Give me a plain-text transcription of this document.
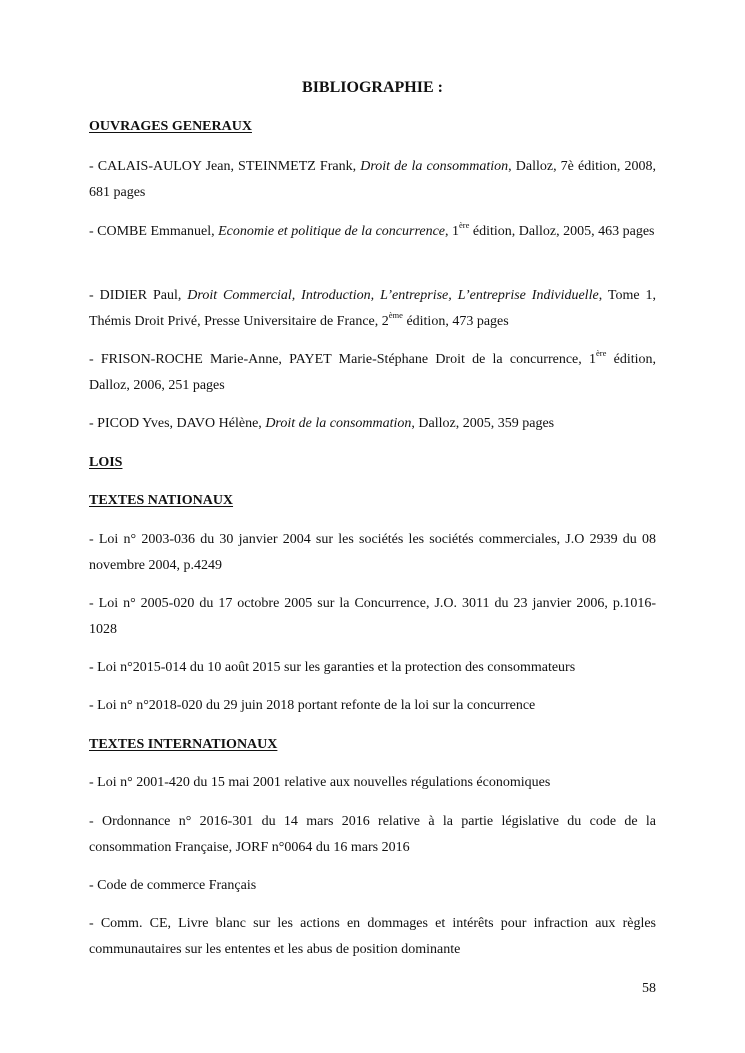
BIBLIOGRAPHIE :
OUVRAGES GENERAUX
- CALAIS-AULOY Jean, STEINMETZ Frank, Droit de la consommation, Dalloz, 7è édition, 2008, 681 pages
- COMBE Emmanuel, Economie et politique de la concurrence, 1ère édition, Dalloz, 2005, 463 pages
- DIDIER Paul, Droit Commercial, Introduction, L’entreprise, L’entreprise Individuelle, Tome 1, Thémis Droit Privé, Presse Universitaire de France, 2ème édition, 473 pages
- FRISON-ROCHE Marie-Anne, PAYET Marie-Stéphane Droit de la concurrence, 1ère édition, Dalloz, 2006, 251 pages
- PICOD Yves, DAVO Hélène, Droit de la consommation, Dalloz, 2005, 359 pages
LOIS
TEXTES NATIONAUX
- Loi n° 2003-036 du 30 janvier 2004 sur les sociétés les sociétés commerciales, J.O 2939 du 08 novembre 2004, p.4249
- Loi n° 2005-020 du 17 octobre 2005 sur la Concurrence, J.O. 3011 du 23 janvier 2006, p.1016-1028
- Loi n°2015-014 du 10 août 2015 sur les garanties et la protection des consommateurs
- Loi n° n°2018-020 du 29 juin 2018 portant refonte de la loi sur la concurrence
TEXTES INTERNATIONAUX
- Loi n° 2001-420 du 15 mai 2001 relative aux nouvelles régulations économiques
- Ordonnance n° 2016-301 du 14 mars 2016 relative à la partie législative du code de la consommation Française, JORF n°0064 du 16 mars 2016
- Code de commerce Français
- Comm. CE, Livre blanc sur les actions en dommages et intérêts pour infraction aux règles communautaires sur les ententes et les abus de position dominante
58
